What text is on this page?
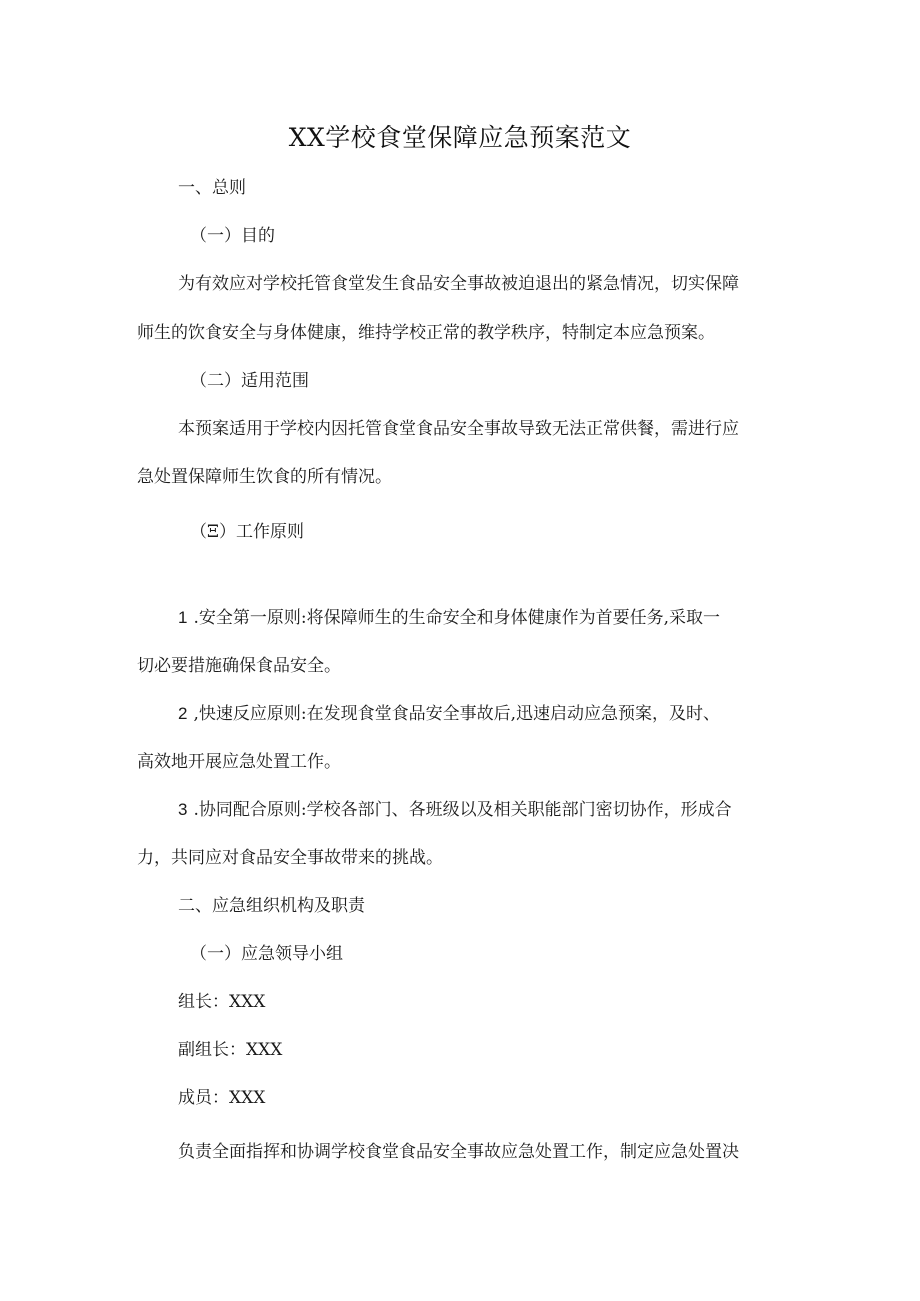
XX学校食堂保障应急预案范文
一、总则
（一）目的
为有效应对学校托管食堂发生食品安全事故被迫退出的紧急情况，切实保障
师生的饮食安全与身体健康，维持学校正常的教学秩序，特制定本应急预案。
（二）适用范围
本预案适用于学校内因托管食堂食品安全事故导致无法正常供餐，需进行应
急处置保障师生饮食的所有情况。
（Ξ）工作原则
1 .安全第一原则:将保障师生的生命安全和身体健康作为首要任务,采取一
切必要措施确保食品安全。
2 ,快速反应原则:在发现食堂食品安全事故后,迅速启动应急预案，及时、
高效地开展应急处置工作。
3 .协同配合原则:学校各部门、各班级以及相关职能部门密切协作，形成合
力，共同应对食品安全事故带来的挑战。
二、应急组织机构及职责
（一）应急领导小组
组长：XXX
副组长：XXX
成员：XXX
负责全面指挥和协调学校食堂食品安全事故应急处置工作，制定应急处置决
